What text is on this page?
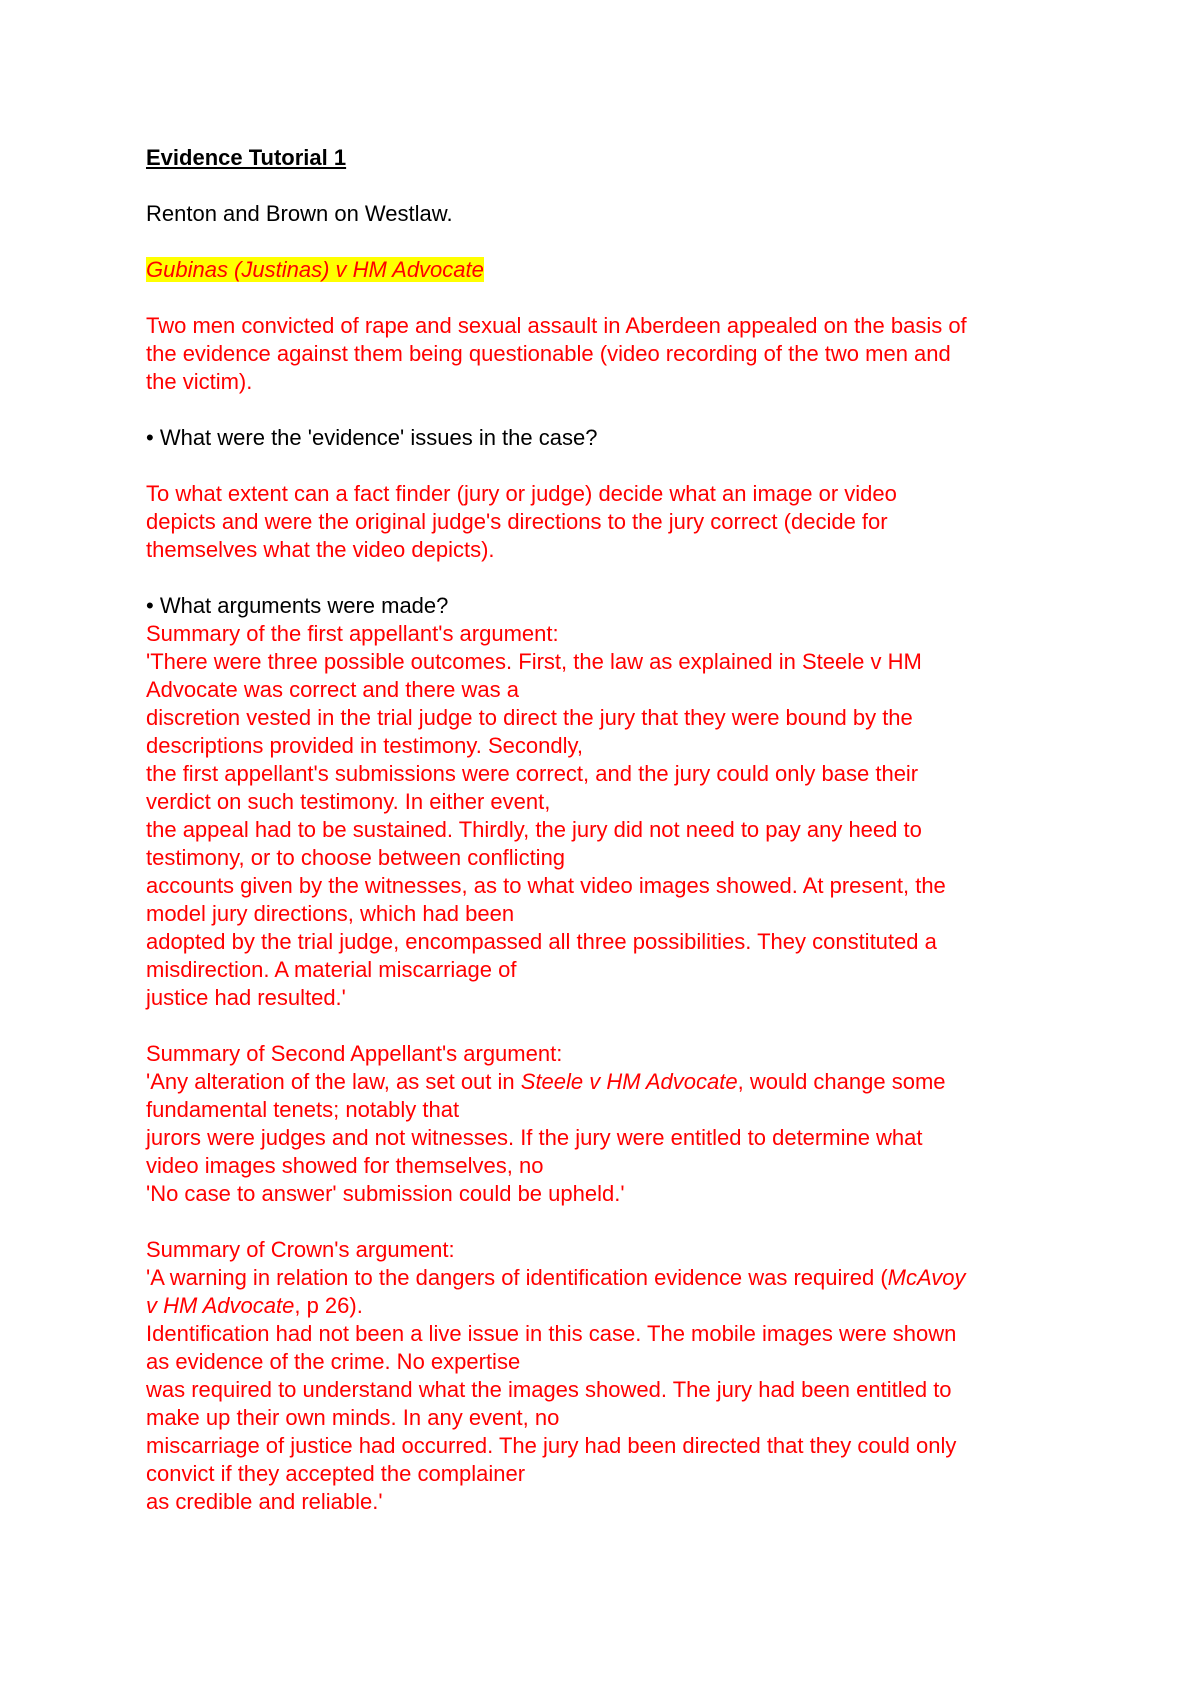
Evidence Tutorial 1

Renton and Brown on Westlaw.

Gubinas (Justinas) v HM Advocate

Two men convicted of rape and sexual assault in Aberdeen appealed on the basis of
the evidence against them being questionable (video recording of the two men and
the victim).

• What were the 'evidence' issues in the case?

To what extent can a fact finder (jury or judge) decide what an image or video
depicts and were the original judge's directions to the jury correct (decide for
themselves what the video depicts).

• What arguments were made?

Summary of the first appellant's argument:
'There were three possible outcomes. First, the law as explained in Steele v HM
Advocate was correct and there was a
discretion vested in the trial judge to direct the jury that they were bound by the
descriptions provided in testimony. Secondly,
the first appellant's submissions were correct, and the jury could only base their
verdict on such testimony. In either event,
the appeal had to be sustained. Thirdly, the jury did not need to pay any heed to
testimony, or to choose between conflicting
accounts given by the witnesses, as to what video images showed. At present, the
model jury directions, which had been
adopted by the trial judge, encompassed all three possibilities. They constituted a
misdirection. A material miscarriage of
justice had resulted.'
Summary of Second Appellant's argument:
'Any alteration of the law, as set out in Steele v HM Advocate, would change some
fundamental tenets; notably that
jurors were judges and not witnesses. If the jury were entitled to determine what
video images showed for themselves, no
'No case to answer' submission could be upheld.'
Summary of Crown's argument:
'A warning in relation to the dangers of identification evidence was required (McAvoy
v HM Advocate, p 26).
Identification had not been a live issue in this case. The mobile images were shown
as evidence of the crime. No expertise
was required to understand what the images showed. The jury had been entitled to
make up their own minds. In any event, no
miscarriage of justice had occurred. The jury had been directed that they could only
convict if they accepted the complainer
as credible and reliable.'
